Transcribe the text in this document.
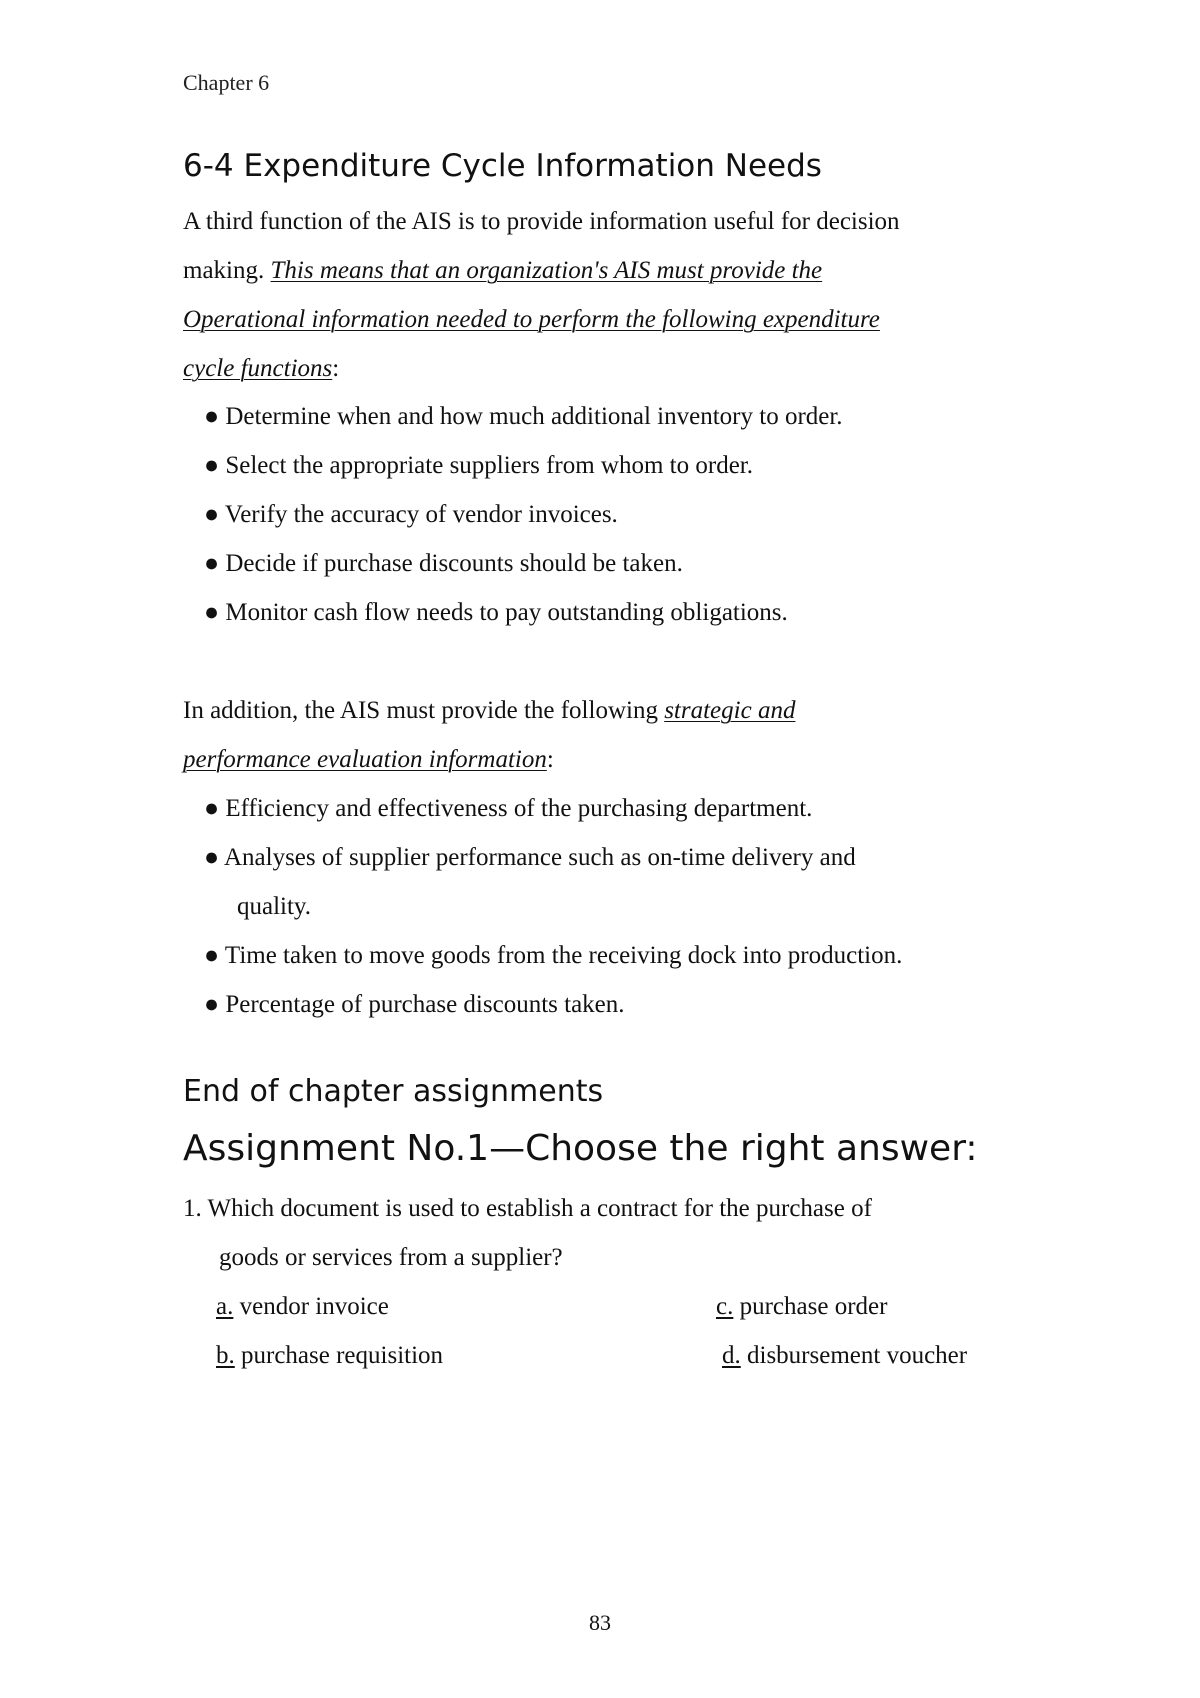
Chapter 6
6-4 Expenditure Cycle Information Needs
A third function of the AIS is to provide information useful for decision
making. This means that an organization's AIS must provide the
Operational information needed to perform the following expenditure
cycle functions:
● Determine when and how much additional inventory to order.
● Select the appropriate suppliers from whom to order.
● Verify the accuracy of vendor invoices.
● Decide if purchase discounts should be taken.
● Monitor cash flow needs to pay outstanding obligations.
In addition, the AIS must provide the following strategic and
performance evaluation information:
● Efficiency and effectiveness of the purchasing department.
● Analyses of supplier performance such as on-time delivery and
quality.
● Time taken to move goods from the receiving dock into production.
● Percentage of purchase discounts taken.
End of chapter assignments
Assignment No.1—Choose the right answer:
1. Which document is used to establish a contract for the purchase of
goods or services from a supplier?
a. vendor invoice
b. purchase requisition
c. purchase order
d. disbursement voucher
83
